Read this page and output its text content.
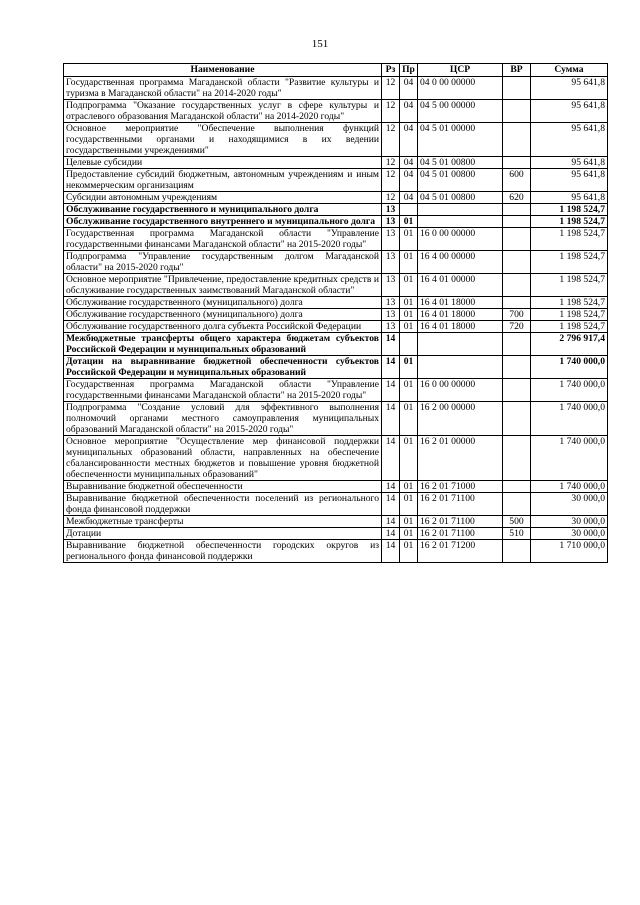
151
Наименование	Рз	Пр	ЦСР	ВР	Сумма
Государственная программа Магаданской области "Развитие культуры и туризма в Магаданской области" на 2014-2020 годы"	12	04	04 0 00 00000		95 641,8
Подпрограмма "Оказание государственных услуг в сфере культуры и отраслевого образования Магаданской области" на 2014-2020 годы"	12	04	04 5 00 00000		95 641,8
Основное мероприятие "Обеспечение выполнения функций государственными органами и находящимися в их ведении государственными учреждениями"	12	04	04 5 01 00000		95 641,8
Целевые субсидии	12	04	04 5 01 00800		95 641,8
Предоставление субсидий бюджетным, автономным учреждениям и иным некоммерческим организациям	12	04	04 5 01 00800	600	95 641,8
Субсидии автономным учреждениям	12	04	04 5 01 00800	620	95 641,8
Обслуживание государственного и муниципального долга	13				1 198 524,7
Обслуживание государственного внутреннего и муниципального долга	13	01			1 198 524,7
Государственная программа Магаданской области "Управление государственными финансами Магаданской области" на 2015-2020 годы"	13	01	16 0 00 00000		1 198 524,7
Подпрограмма "Управление государственным долгом Магаданской области" на 2015-2020 годы"	13	01	16 4 00 00000		1 198 524,7
Основное мероприятие "Привлечение, предоставление кредитных средств и обслуживание государственных заимствований Магаданской области"	13	01	16 4 01 00000		1 198 524,7
Обслуживание государственного (муниципального) долга	13	01	16 4 01 18000		1 198 524,7
Обслуживание государственного (муниципального) долга	13	01	16 4 01 18000	700	1 198 524,7
Обслуживание государственного долга субъекта Российской Федерации	13	01	16 4 01 18000	720	1 198 524,7
Межбюджетные трансферты общего характера бюджетам субъектов Российской Федерации и муниципальных образований	14				2 796 917,4
Дотации на выравнивание бюджетной обеспеченности субъектов Российской Федерации и муниципальных образований	14	01			1 740 000,0
Государственная программа Магаданской области "Управление государственными финансами Магаданской области" на 2015-2020 годы"	14	01	16 0 00 00000		1 740 000,0
Подпрограмма "Создание условий для эффективного выполнения полномочий органами местного самоуправления муниципальных образований Магаданской области" на 2015-2020 годы"	14	01	16 2 00 00000		1 740 000,0
Основное мероприятие "Осуществление мер финансовой поддержки муниципальных образований области, направленных на обеспечение сбалансированности местных бюджетов и повышение уровня бюджетной обеспеченности муниципальных образований"	14	01	16 2 01 00000		1 740 000,0
Выравнивание бюджетной обеспеченности	14	01	16 2 01 71000		1 740 000,0
Выравнивание бюджетной обеспеченности поселений из регионального фонда финансовой поддержки	14	01	16 2 01 71100		30 000,0
Межбюджетные трансферты	14	01	16 2 01 71100	500	30 000,0
Дотации	14	01	16 2 01 71100	510	30 000,0
Выравнивание бюджетной обеспеченности городских округов из регионального фонда финансовой поддержки	14	01	16 2 01 71200		1 710 000,0
